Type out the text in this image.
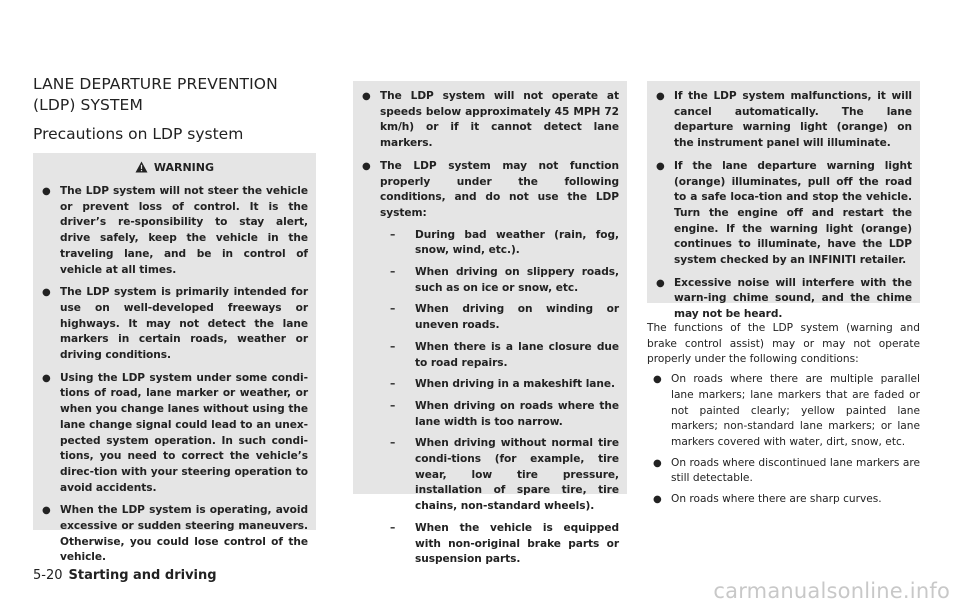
LANE DEPARTURE PREVENTION (LDP) SYSTEM
Precautions on LDP system
WARNING
● The LDP system will not steer the vehicle or prevent loss of control. It is the driver’s re-sponsibility to stay alert, drive safely, keep the vehicle in the traveling lane, and be in control of vehicle at all times.
● The LDP system is primarily intended for use on well-developed freeways or highways. It may not detect the lane markers in certain roads, weather or driving conditions.
● Using the LDP system under some condi-tions of road, lane marker or weather, or when you change lanes without using the lane change signal could lead to an unex-pected system operation. In such condi-tions, you need to correct the vehicle’s direc-tion with your steering operation to avoid accidents.
● When the LDP system is operating, avoid excessive or sudden steering maneuvers. Otherwise, you could lose control of the vehicle.
● The LDP system will not operate at speeds below approximately 45 MPH 72 km/h) or if it cannot detect lane markers.
● The LDP system may not function properly under the following conditions, and do not use the LDP system:
– During bad weather (rain, fog, snow, wind, etc.).
– When driving on slippery roads, such as on ice or snow, etc.
– When driving on winding or uneven roads.
– When there is a lane closure due to road repairs.
– When driving in a makeshift lane.
– When driving on roads where the lane width is too narrow.
– When driving without normal tire condi-tions (for example, tire wear, low tire pressure, installation of spare tire, tire chains, non-standard wheels).
– When the vehicle is equipped with non-original brake parts or suspension parts.
● If the LDP system malfunctions, it will cancel automatically. The lane departure warning light (orange) on the instrument panel will illuminate.
● If the lane departure warning light (orange) illuminates, pull off the road to a safe loca-tion and stop the vehicle. Turn the engine off and restart the engine. If the warning light (orange) continues to illuminate, have the LDP system checked by an INFINITI retailer.
● Excessive noise will interfere with the warn-ing chime sound, and the chime may not be heard.

The functions of the LDP system (warning and brake control assist) may or may not operate properly under the following conditions:

● On roads where there are multiple parallel lane markers; lane markers that are faded or not painted clearly; yellow painted lane markers; non-standard lane markers; or lane markers covered with water, dirt, snow, etc.
● On roads where discontinued lane markers are still detectable.
● On roads where there are sharp curves.
5-20 Starting and driving
carmanualsonline.info
